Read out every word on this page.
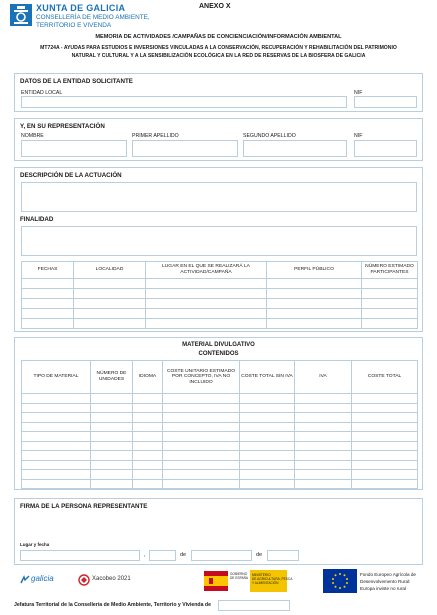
XUNTA DE GALICIA
CONSELLERÍA DE MEDIO AMBIENTE,
TERRITORIO E VIVENDA
ANEXO X
MEMORIA DE ACTIVIDADES /CAMPAÑAS DE CONCIENCIACIÓN/INFORMACIÓN AMBIENTAL
MT724A - AYUDAS PARA ESTUDIOS E INVERSIONES VINCULADAS A LA CONSERVACIÓN, RECUPERACIÓN Y REHABILITACIÓN DEL PATRIMONIO
NATURAL Y CULTURAL Y A LA SENSIBILIZACIÓN ECOLÓGICA EN LA RED DE RESERVAS DE LA BIOSFERA DE GALICIA
DATOS DE LA ENTIDAD SOLICITANTE
ENTIDAD LOCAL	NIF
Y, EN SU REPRESENTACIÓN
NOMBRE	PRIMER APELLIDO	SEGUNDO APELLIDO	NIF
DESCRIPCIÓN DE LA ACTUACIÓN
FINALIDAD
FECHAS	LOCALIDAD	LUGAR EN EL QUE SE REALIZARÁ LA ACTIVIDAD/CAMPAÑA	PERFIL PÚBLICO	NÚMERO ESTIMADO PARTICIPANTES

MATERIAL DIVULGATIVO
CONTENIDOS
TIPO DE MATERIAL	NÚMERO DE UNIDADES	IDIOMA	COSTE UNITARIO ESTIMADO POR CONCEPTO, IVA NO INCLUIDO	COSTE TOTAL SIN IVA	IVA	COSTE TOTAL

FIRMA DE LA PERSONA REPRESENTANTE
Lugar y fecha
,	de	de
galicia	Xacobeo 2021
GOBIERNO DE ESPAÑA
MINISTERIO
DE AGRICULTURA, PESCA
Y ALIMENTACIÓN
Fondo Europeo Agrícola de
Desenvolvemento Rural:
Europa inviste no rural
Jefatura Territorial de la Consellería de Medio Ambiente, Territorio y Vivienda de
